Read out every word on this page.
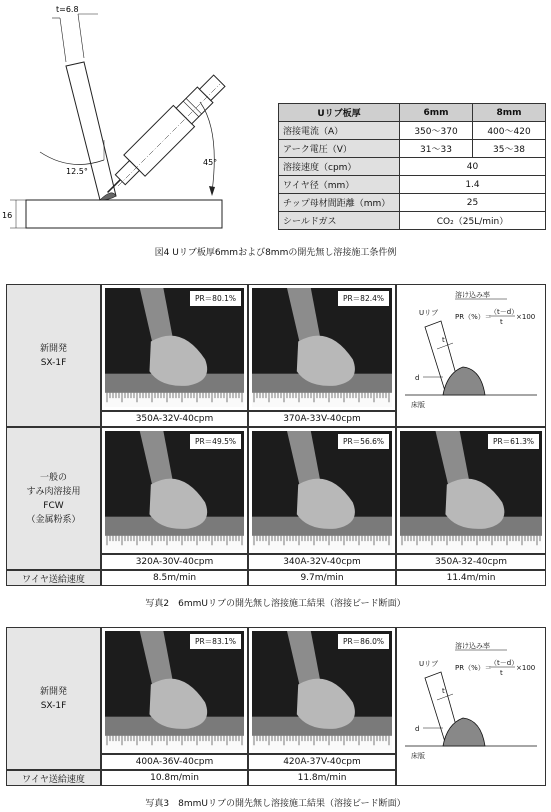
t=6.8
45°
12.5°
16
Uリブ板厚	6mm	8mm
溶接電流（A）	350～370	400～420
アーク電圧（V）	31～33	35～38
溶接速度（cpm）	40	
ワイヤ径（mm）	1.4	
チップ母材間距離（mm）	25	
シールドガス	CO₂（25L/min）	
図4 Uリブ板厚6mmおよび8mmの開先無し溶接施工条件例
新開発
SX-1F
PR＝80.1%	PR＝82.4%
350A-32V-40cpm	370A-33V-40cpm
溶け込み率
PR（%）＝
（t－d）
t
×100
Uリブ
t
d
床版
一般の
すみ肉溶接用
FCW
（金属粉系）
PR＝49.5%	PR＝56.6%	PR＝61.3%
320A-30V-40cpm	340A-32V-40cpm	350A-32-40cpm
ワイヤ送給速度	8.5m/min	9.7m/min	11.4m/min
写真2　6mmUリブの開先無し溶接施工結果（溶接ビード断面）
新開発
SX-1F
PR＝83.1%	PR＝86.0%
400A-36V-40cpm	420A-37V-40cpm
溶け込み率
PR（%）＝
（t－d）
t
×100
Uリブ
t
d
床版
ワイヤ送給速度	10.8m/min	11.8m/min
写真3　8mmUリブの開先無し溶接施工結果（溶接ビード断面）
